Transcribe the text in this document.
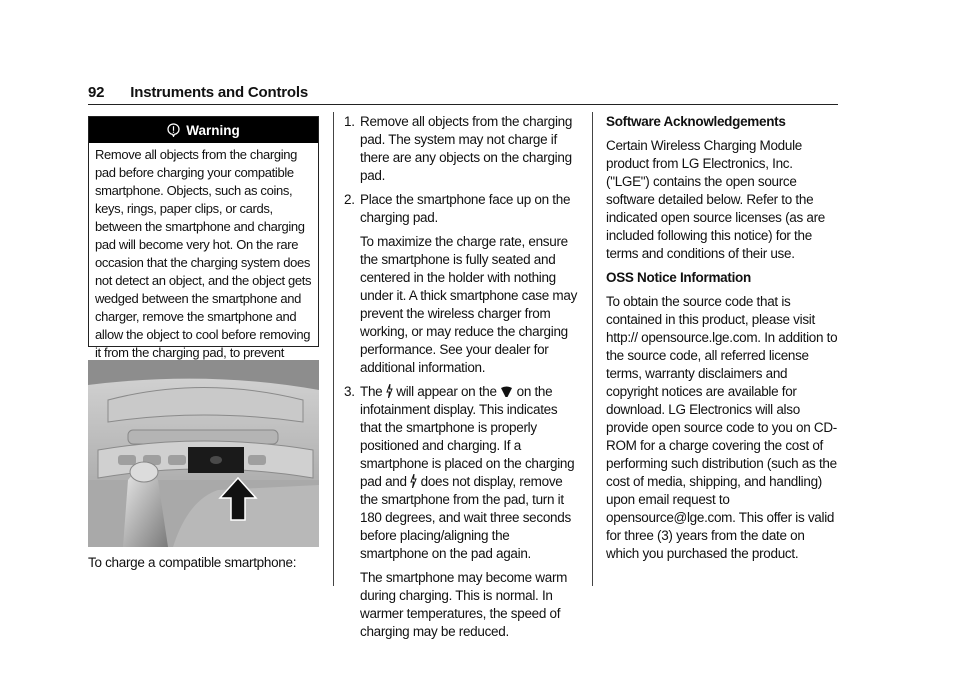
92 Instruments and Controls
Warning
Remove all objects from the charging pad before charging your compatible smartphone. Objects, such as coins, keys, rings, paper clips, or cards, between the smartphone and charging pad will become very hot. On the rare occasion that the charging system does not detect an object, and the object gets wedged between the smartphone and charger, remove the smartphone and allow the object to cool before removing it from the charging pad, to prevent
To charge a compatible smartphone:
1. Remove all objects from the charging pad. The system may not charge if there are any objects on the charging pad.

2. Place the smartphone face up on the charging pad.

To maximize the charge rate, ensure the smartphone is fully seated and centered in the holder with nothing under it. A thick smartphone case may prevent the wireless charger from working, or may reduce the charging performance. See your dealer for additional information.

3. The will appear on the on the infotainment display. This indicates that the smartphone is properly positioned and charging. If a smartphone is placed on the charging pad and does not display, remove the smartphone from the pad, turn it 180 degrees, and wait three seconds before placing/aligning the smartphone on the pad again.

The smartphone may become warm during charging. This is normal. In warmer temperatures, the speed of charging may be reduced.

Software Acknowledgements

Certain Wireless Charging Module product from LG Electronics, Inc. ("LGE") contains the open source software detailed below. Refer to the indicated open source licenses (as are included following this notice) for the terms and conditions of their use.

OSS Notice Information

To obtain the source code that is contained in this product, please visit http:// opensource.lge.com. In addition to the source code, all referred license terms, warranty disclaimers and copyright notices are available for download. LG Electronics will also provide open source code to you on CD-ROM for a charge covering the cost of performing such distribution (such as the cost of media, shipping, and handling) upon email request to opensource@lge.com. This offer is valid for three (3) years from the date on which you purchased the product.
